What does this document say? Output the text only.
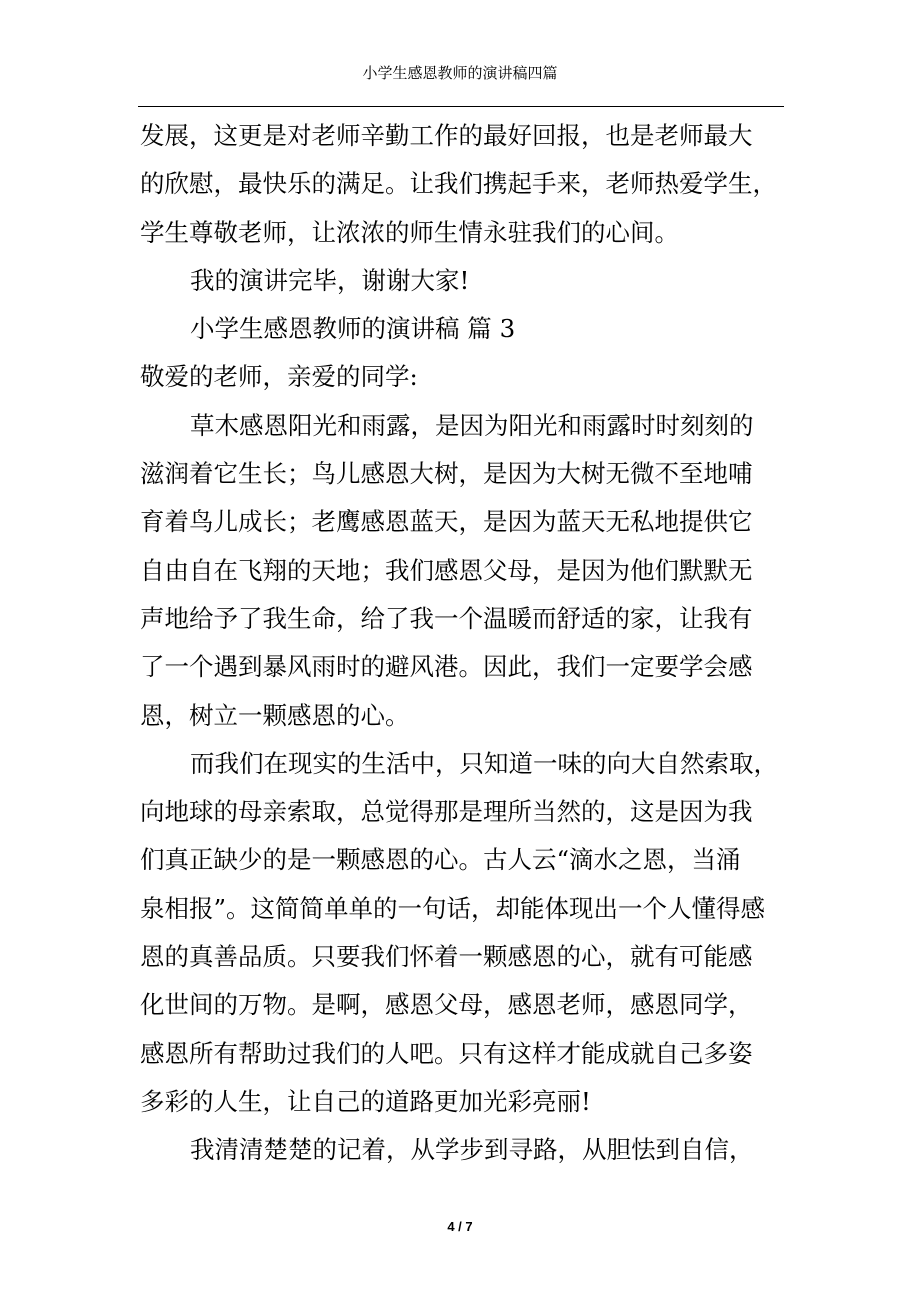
小学生感恩教师的演讲稿四篇

发展，这更是对老师辛勤工作的最好回报，也是老师最大

的欣慰，最快乐的满足。让我们携起手来，老师热爱学生，

学生尊敬老师，让浓浓的师生情永驻我们的心间。

我的演讲完毕，谢谢大家!

小学生感恩教师的演讲稿 篇 3

敬爱的老师，亲爱的同学:

草木感恩阳光和雨露，是因为阳光和雨露时时刻刻的

滋润着它生长；鸟儿感恩大树，是因为大树无微不至地哺

育着鸟儿成长；老鹰感恩蓝天，是因为蓝天无私地提供它

自由自在飞翔的天地；我们感恩父母，是因为他们默默无

声地给予了我生命，给了我一个温暖而舒适的家，让我有

了一个遇到暴风雨时的避风港。因此，我们一定要学会感

恩，树立一颗感恩的心。

而我们在现实的生活中，只知道一味的向大自然索取，

向地球的母亲索取，总觉得那是理所当然的，这是因为我

们真正缺少的是一颗感恩的心。古人云“滴水之恩，当涌

泉相报”。这简简单单的一句话，却能体现出一个人懂得感

恩的真善品质。只要我们怀着一颗感恩的心，就有可能感

化世间的万物。是啊，感恩父母，感恩老师，感恩同学，

感恩所有帮助过我们的人吧。只有这样才能成就自己多姿

多彩的人生，让自己的道路更加光彩亮丽!

我清清楚楚的记着，从学步到寻路，从胆怯到自信，

4 / 7
